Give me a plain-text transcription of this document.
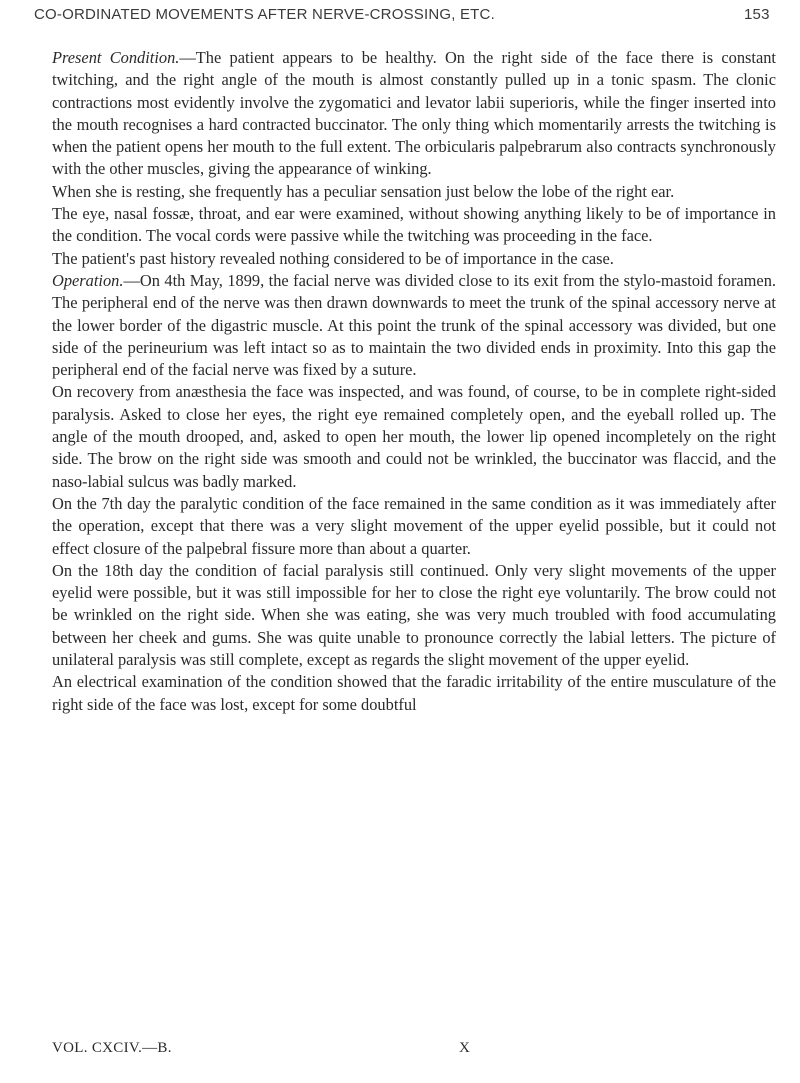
CO-ORDINATED MOVEMENTS AFTER NERVE-CROSSING, ETC.	153

Present Condition.—The patient appears to be healthy. On the right side of the face there is constant twitching, and the right angle of the mouth is almost constantly pulled up in a tonic spasm. The clonic contractions most evidently involve the zygomatici and levator labii superioris, while the finger inserted into the mouth recognises a hard contracted buccinator. The only thing which momentarily arrests the twitching is when the patient opens her mouth to the full extent. The orbicularis palpebrarum also contracts synchronously with the other muscles, giving the appearance of winking.

When she is resting, she frequently has a peculiar sensation just below the lobe of the right ear.

The eye, nasal fossæ, throat, and ear were examined, without showing anything likely to be of importance in the condition. The vocal cords were passive while the twitching was proceeding in the face.

The patient's past history revealed nothing considered to be of importance in the case.

Operation.—On 4th May, 1899, the facial nerve was divided close to its exit from the stylo-mastoid foramen. The peripheral end of the nerve was then drawn downwards to meet the trunk of the spinal accessory nerve at the lower border of the digastric muscle. At this point the trunk of the spinal accessory was divided, but one side of the perineurium was left intact so as to maintain the two divided ends in proximity. Into this gap the peripheral end of the facial nerve was fixed by a suture.

On recovery from anæsthesia the face was inspected, and was found, of course, to be in complete right-sided paralysis. Asked to close her eyes, the right eye remained completely open, and the eyeball rolled up. The angle of the mouth drooped, and, asked to open her mouth, the lower lip opened incompletely on the right side. The brow on the right side was smooth and could not be wrinkled, the buccinator was flaccid, and the naso-labial sulcus was badly marked.

On the 7th day the paralytic condition of the face remained in the same condition as it was immediately after the operation, except that there was a very slight movement of the upper eyelid possible, but it could not effect closure of the palpebral fissure more than about a quarter.

On the 18th day the condition of facial paralysis still continued. Only very slight movements of the upper eyelid were possible, but it was still impossible for her to close the right eye voluntarily. The brow could not be wrinkled on the right side. When she was eating, she was very much troubled with food accumulating between her cheek and gums. She was quite unable to pronounce correctly the labial letters. The picture of unilateral paralysis was still complete, except as regards the slight movement of the upper eyelid.

An electrical examination of the condition showed that the faradic irritability of the entire musculature of the right side of the face was lost, except for some doubtful

VOL. CXCIV.—B.	X
